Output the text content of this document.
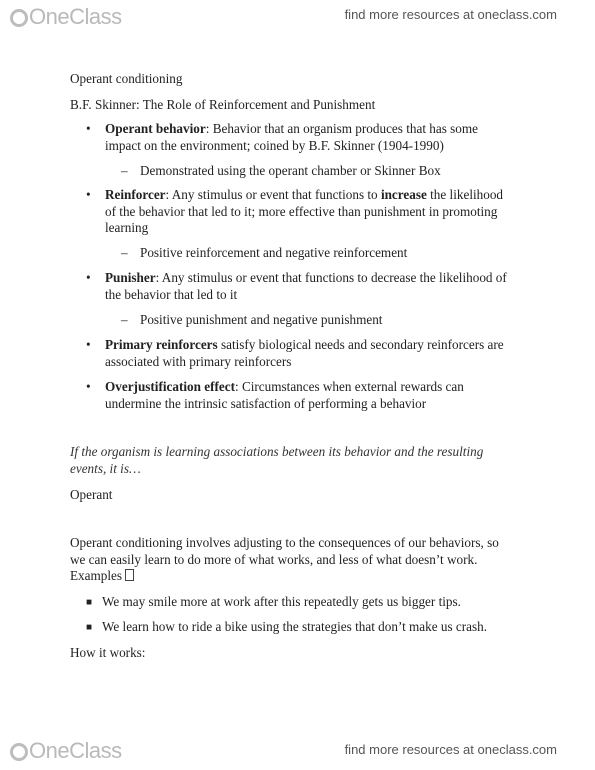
OneClass	find more resources at oneclass.com
Operant conditioning
B.F. Skinner: The Role of Reinforcement and Punishment
• Operant behavior: Behavior that an organism produces that has some
impact on the environment; coined by B.F. Skinner (1904-1990)
– Demonstrated using the operant chamber or Skinner Box
• Reinforcer: Any stimulus or event that functions to increase the likelihood
of the behavior that led to it; more effective than punishment in promoting
learning
– Positive reinforcement and negative reinforcement
• Punisher: Any stimulus or event that functions to decrease the likelihood of
the behavior that led to it
– Positive punishment and negative punishment
• Primary reinforcers satisfy biological needs and secondary reinforcers are
associated with primary reinforcers
• Overjustification effect: Circumstances when external rewards can
undermine the intrinsic satisfaction of performing a behavior
If the organism is learning associations between its behavior and the resulting
events, it is…
Operant
Operant conditioning involves adjusting to the consequences of our behaviors, so
we can easily learn to do more of what works, and less of what doesn’t work.
Examples
■ We may smile more at work after this repeatedly gets us bigger tips.
■ We learn how to ride a bike using the strategies that don’t make us crash.
How it works:
OneClass	find more resources at oneclass.com
